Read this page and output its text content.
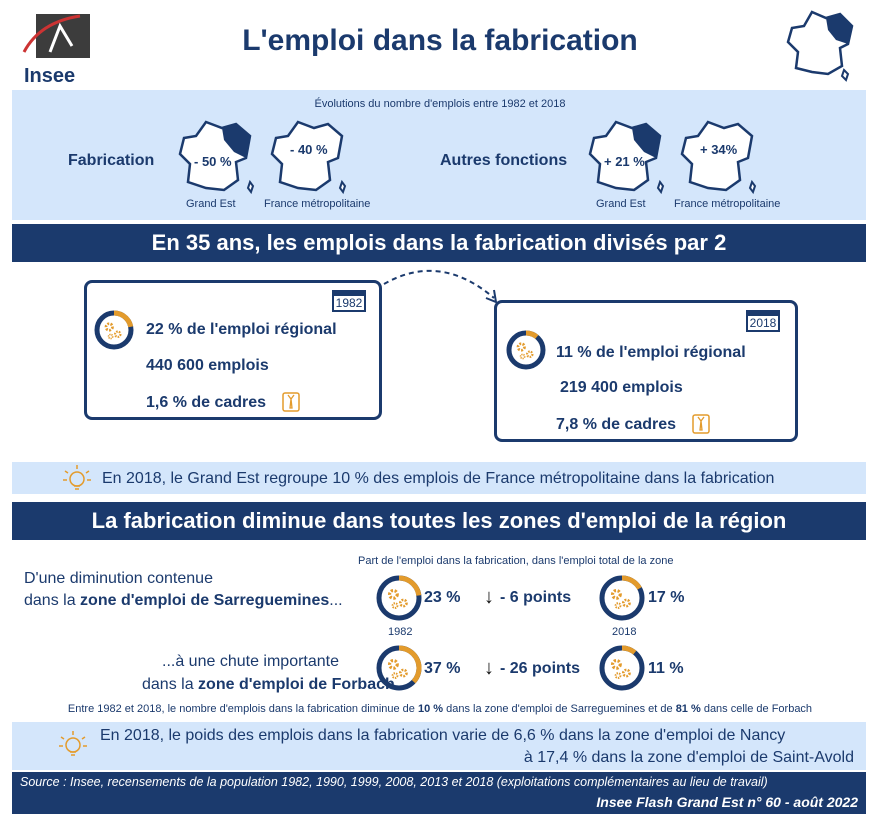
Insee
L'emploi dans la fabrication
Évolutions du nombre d'emplois entre 1982 et 2018
Fabrication	Autres fonctions
- 50 %
Grand Est
- 40 %
France métropolitaine
+ 21 %
Grand Est
+ 34%
France métropolitaine
En 35 ans, les emplois dans la fabrication divisés par 2
1982
22 % de l'emploi régional
440 600 emplois
1,6 % de cadres
2018
11 % de l'emploi régional
219 400 emplois
7,8 % de cadres
En 2018, le Grand Est regroupe 10 % des emplois de France métropolitaine dans la fabrication
La fabrication diminue dans toutes les zones d'emploi de la région
Part de l'emploi dans la fabrication, dans l'emploi total de la zone
D'une diminution contenue
dans la zone d'emploi de Sarreguemines...	23 % ↓ - 6 points	17 %
1982	2018
...à une chute importante
dans la zone d'emploi de Forbach
37 % ↓ - 26 points	11 %
Entre 1982 et 2018, le nombre d'emplois dans la fabrication diminue de 10 % dans la zone d'emploi de Sarreguemines et de 81 % dans celle de Forbach
En 2018, le poids des emplois dans la fabrication varie de 6,6 % dans la zone d'emploi de Nancy
à 17,4 % dans la zone d'emploi de Saint-Avold
Source : Insee, recensements de la population 1982, 1990, 1999, 2008, 2013 et 2018 (exploitations complémentaires au lieu de travail)
Insee Flash Grand Est n° 60 - août 2022
